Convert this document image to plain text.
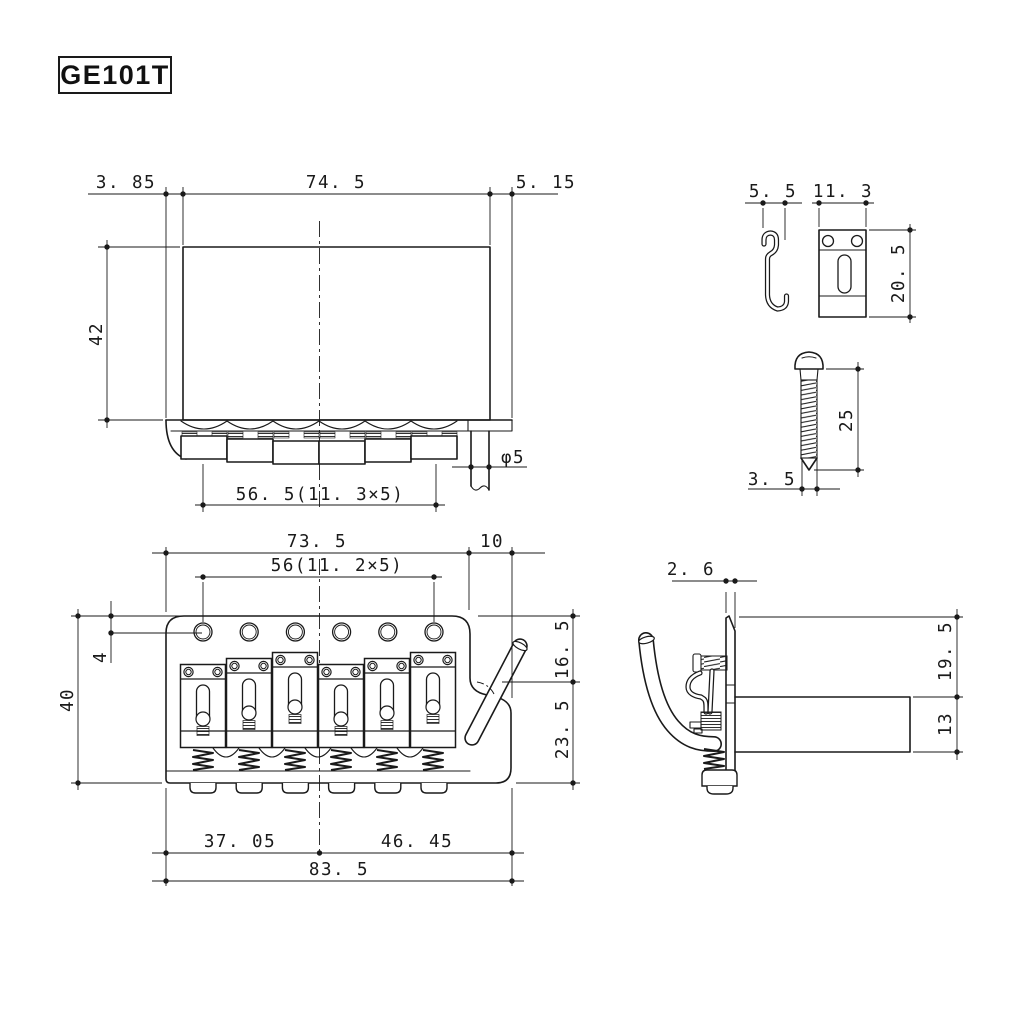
GE101T
3. 85	74. 5	5. 15
42
56. 5(11. 3×5)
φ5
5. 5 11. 3
20. 5
25
3. 5
73. 5	10
56(11. 2×5)
4
40
16. 5
23. 5
37. 05	46. 45
83. 5
2. 6
19. 5
13
